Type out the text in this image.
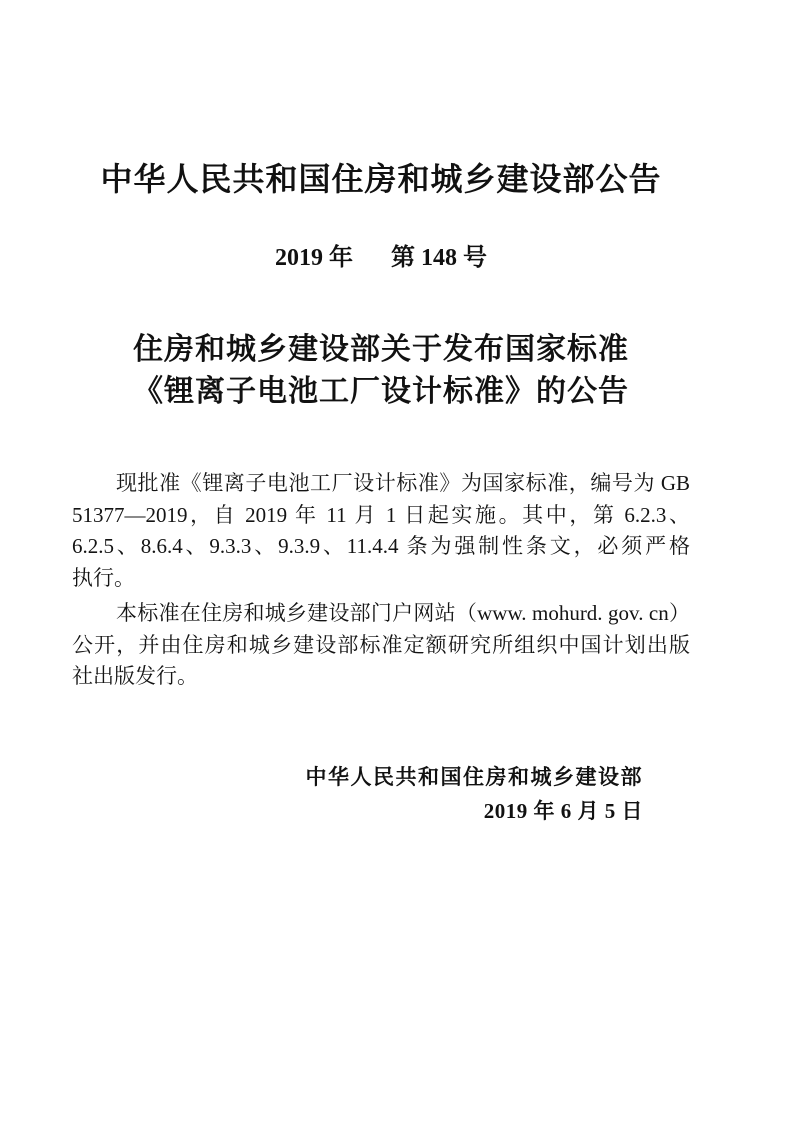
中华人民共和国住房和城乡建设部公告
2019 年 第 148 号
住房和城乡建设部关于发布国家标准
《锂离子电池工厂设计标准》的公告
现批准《锂离子电池工厂设计标准》为国家标准，编号为 GB
51377—2019，自 2019 年 11 月 1 日起实施。其中，第 6.2.3、
6.2.5、8.6.4、9.3.3、9.3.9、11.4.4 条为强制性条文，必须严格
执行。
本标准在住房和城乡建设部门户网站（www. mohurd. gov. cn）
公开，并由住房和城乡建设部标准定额研究所组织中国计划出版
社出版发行。
中华人民共和国住房和城乡建设部
2019 年 6 月 5 日
